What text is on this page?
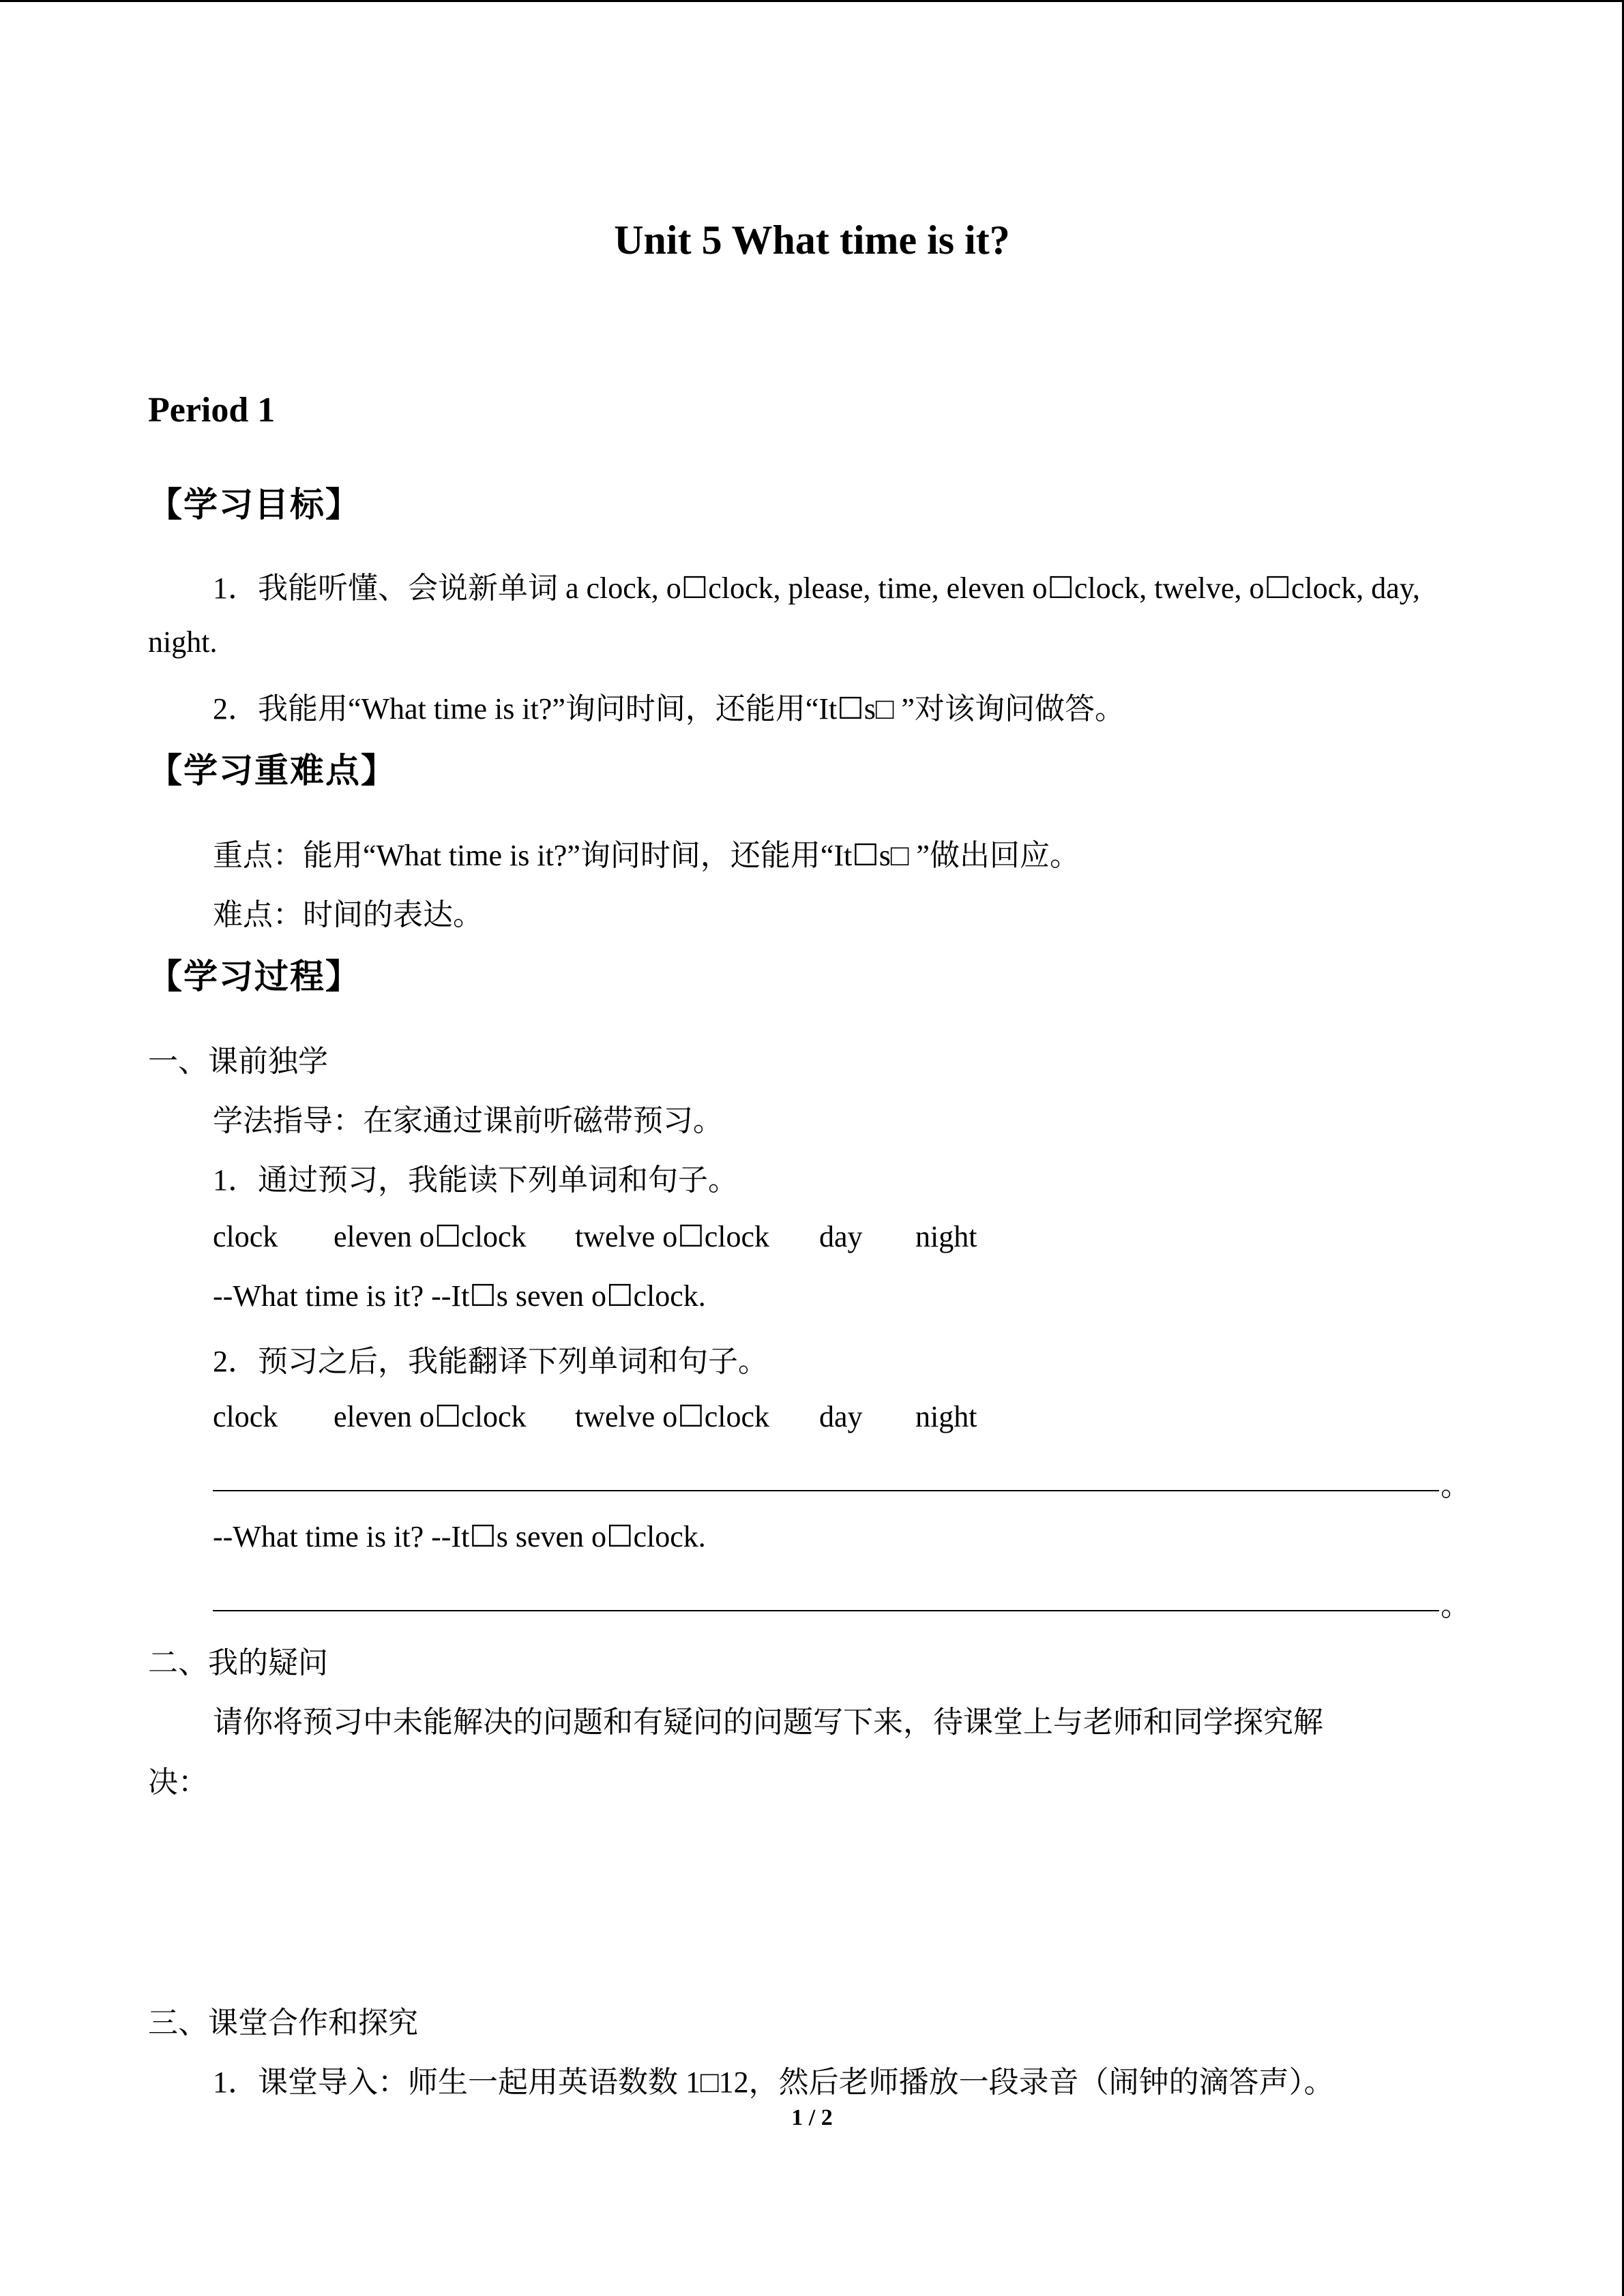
Unit 5 What time is it?
Period 1
【学习目标】
1．我能听懂、会说新单词 a clock, o☐clock, please, time, eleven o☐clock, twelve, o☐clock, day,
night.
2．我能用“What time is it?”询问时间，还能用“It☐s□ ”对该询问做答。
【学习重难点】
重点：能用“What time is it?”询问时间，还能用“It☐s□ ”做出回应。
难点：时间的表达。
【学习过程】
一、课前独学
学法指导：在家通过课前听磁带预习。
1．通过预习，我能读下列单词和句子。
clock eleven o☐clock twelve o☐clock day night
--What time is it? --It☐s seven o☐clock.
2．预习之后，我能翻译下列单词和句子。
clock eleven o☐clock twelve o☐clock day night
。
--What time is it? --It☐s seven o☐clock.
。
二、我的疑问
请你将预习中未能解决的问题和有疑问的问题写下来，待课堂上与老师和同学探究解
决：
三、课堂合作和探究
1．课堂导入：师生一起用英语数数 1□12，然后老师播放一段录音（闹钟的滴答声）。
1 / 2
